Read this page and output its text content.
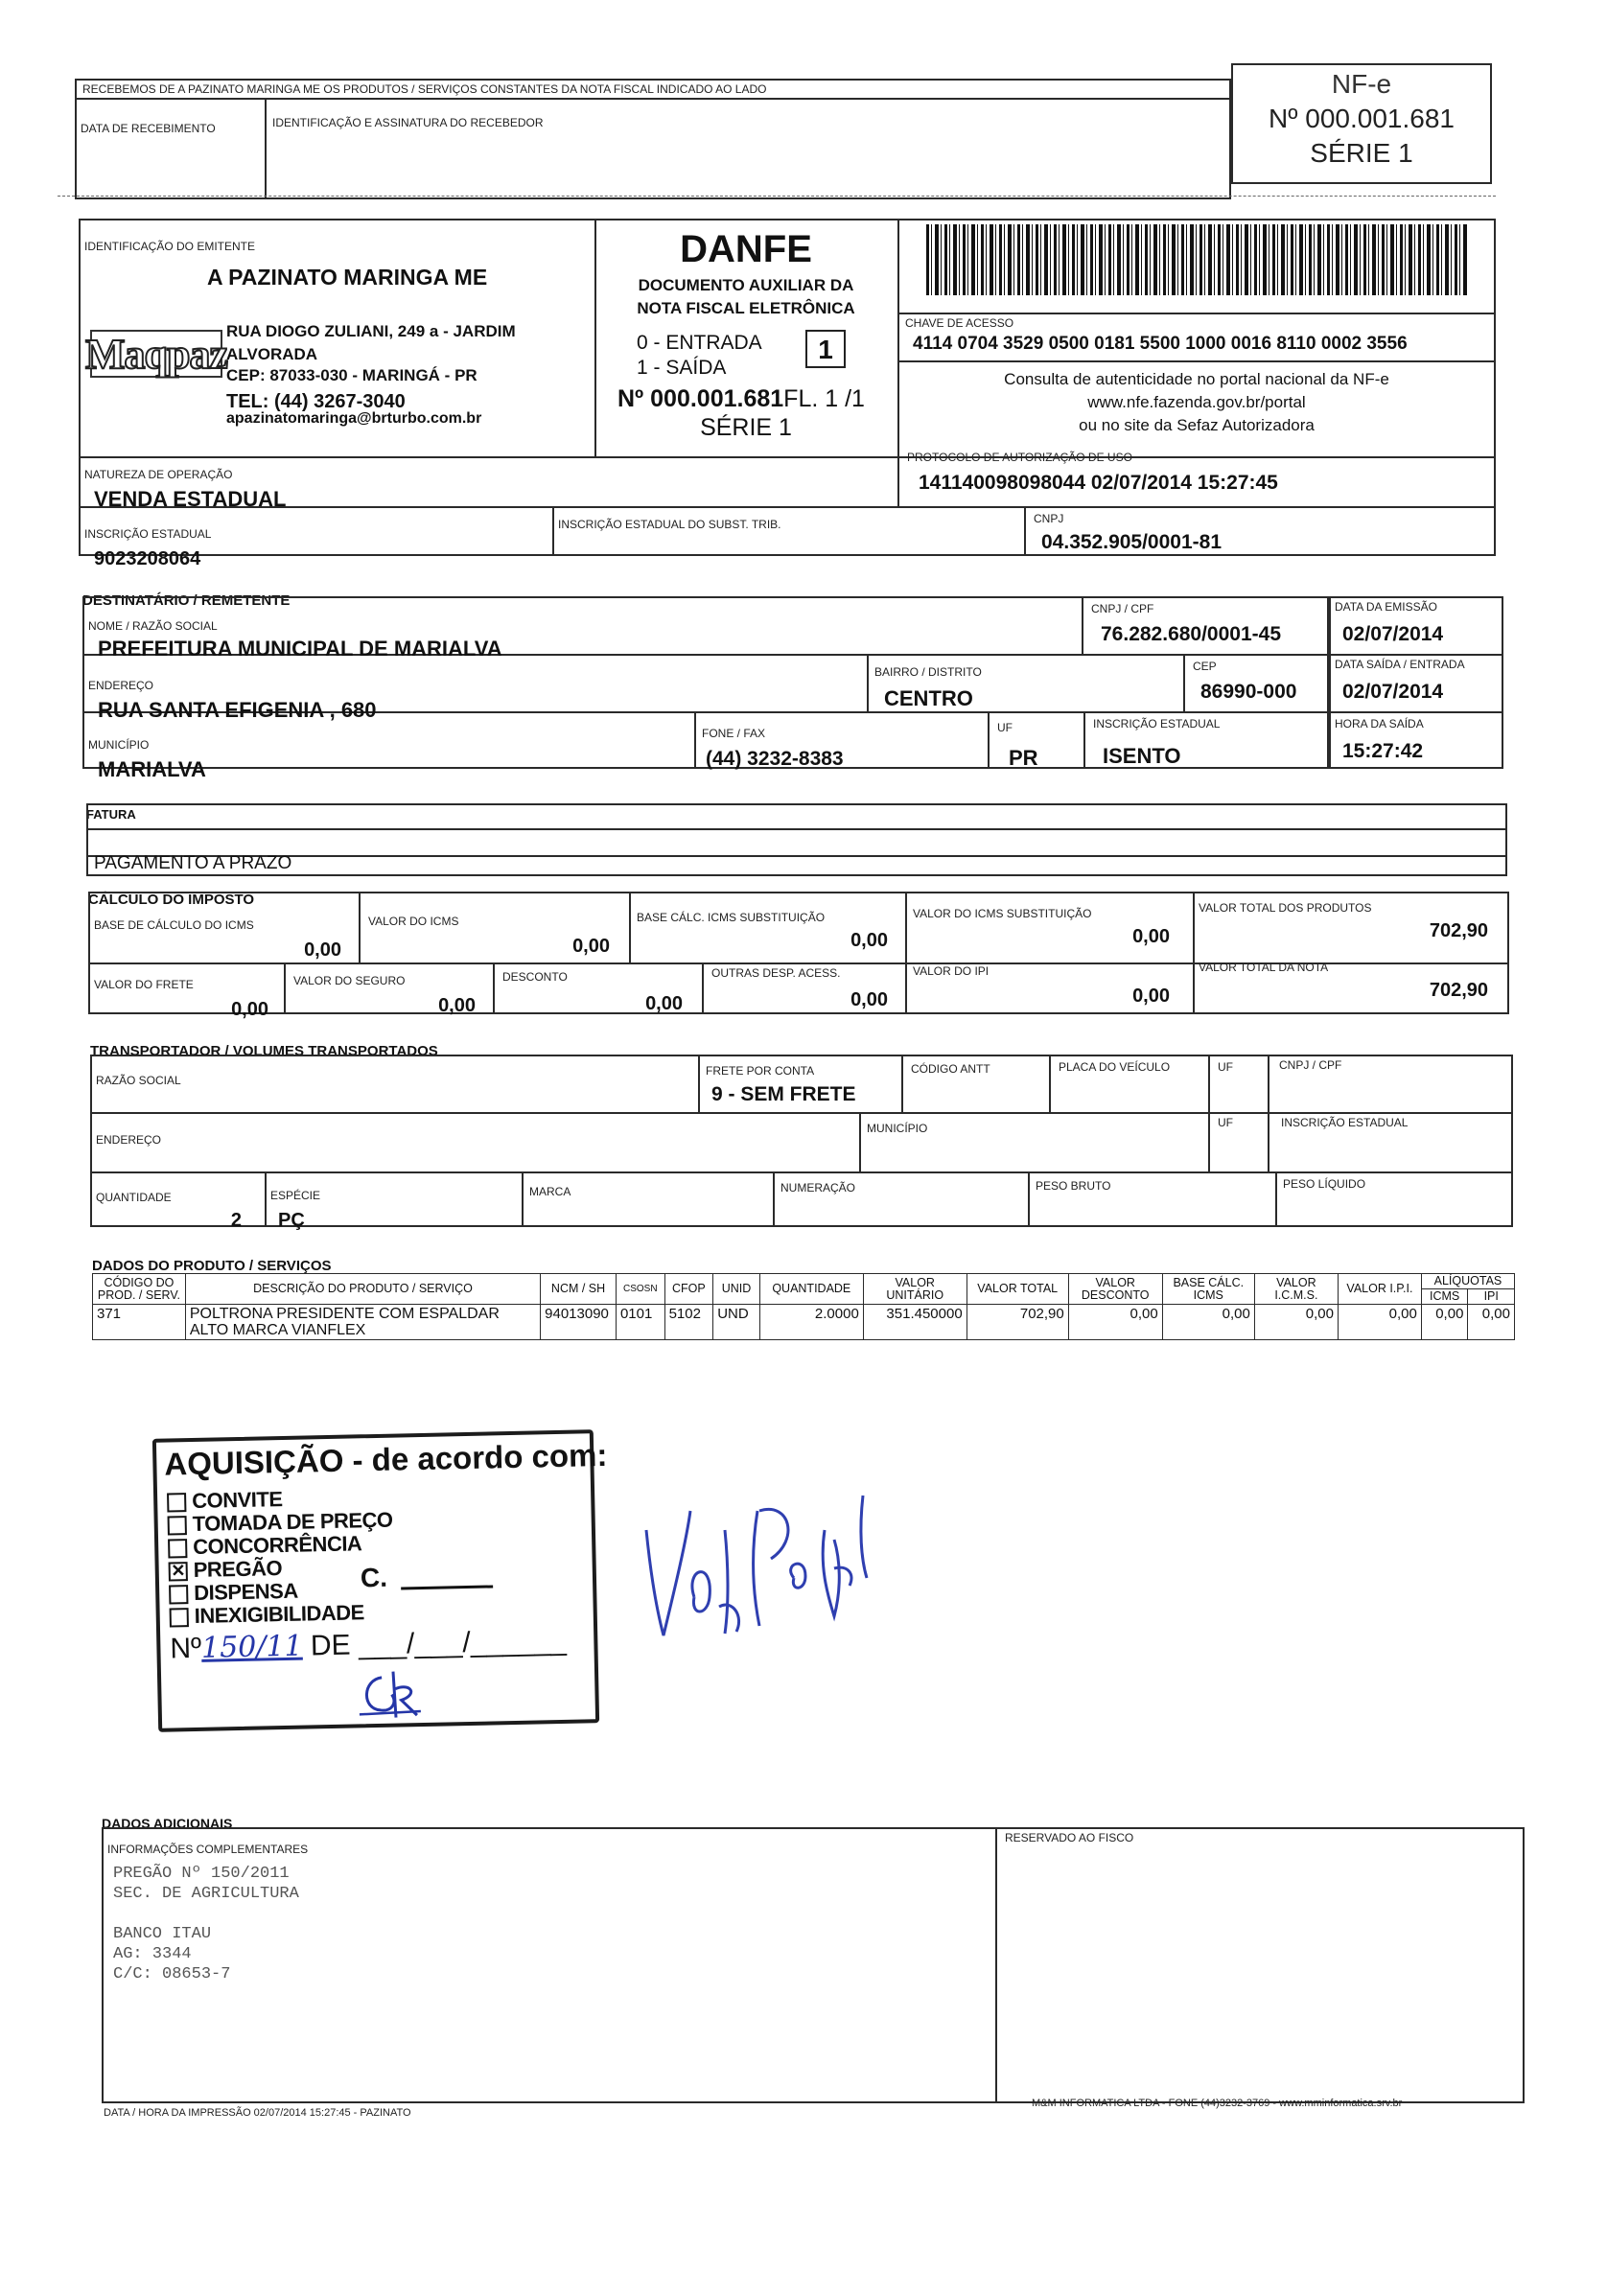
RECEBEMOS DE A PAZINATO MARINGA ME OS PRODUTOS / SERVIÇOS CONSTANTES DA NOTA FISCAL INDICADO AO LADO
DATA DE RECEBIMENTO	IDENTIFICAÇÃO E ASSINATURA DO RECEBEDOR
NF-e
Nº 000.001.681
SÉRIE 1
IDENTIFICAÇÃO DO EMITENTE
A PAZINATO MARINGA ME
Maqpaz RUA DIOGO ZULIANI, 249 a - JARDIM
ALVORADA
CEP: 87033-030 - MARINGÁ - PR
TEL: (44) 3267-3040
apazinatomaringa@brturbo.com.br
DANFE
DOCUMENTO AUXILIAR DA
NOTA FISCAL ELETRÔNICA
0 - ENTRADA
1 - SAÍDA
1
Nº 000.001.681FL. 1 /1
SÉRIE 1
CHAVE DE ACESSO
4114 0704 3529 0500 0181 5500 1000 0016 8110 0002 3556
Consulta de autenticidade no portal nacional da NF-e
www.nfe.fazenda.gov.br/portal
ou no site da Sefaz Autorizadora
NATUREZA DE OPERAÇÃO
VENDA ESTADUAL
PROTOCOLO DE AUTORIZAÇÃO DE USO
141140098098044 02/07/2014 15:27:45
INSCRIÇÃO ESTADUAL
9023208064
INSCRIÇÃO ESTADUAL DO SUBST. TRIB.	CNPJ
04.352.905/0001-81
DESTINATÁRIO / REMETENTE
NOME / RAZÃO SOCIAL
PREFEITURA MUNICIPAL DE MARIALVA
CNPJ / CPF
76.282.680/0001-45
DATA DA EMISSÃO
02/07/2014
ENDEREÇO
RUA SANTA EFIGENIA , 680
BAIRRO / DISTRITO
CENTRO
CEP
86990-000
DATA SAÍDA / ENTRADA
02/07/2014
MUNICÍPIO
MARIALVA
FONE / FAX
(44) 3232-8383
UF
PR
INSCRIÇÃO ESTADUAL
ISENTO
HORA DA SAÍDA
15:27:42
FATURA
PAGAMENTO A PRAZO
CÁLCULO DO IMPOSTO
BASE DE CÁLCULO DO ICMS
0,00
VALOR DO ICMS
0,00
BASE CÁLC. ICMS SUBSTITUIÇÃO
0,00
VALOR DO ICMS SUBSTITUIÇÃO
0,00
VALOR TOTAL DOS PRODUTOS
702,90
VALOR DO FRETE
0,00
VALOR DO SEGURO
0,00
DESCONTO
0,00
OUTRAS DESP. ACESS.
0,00
VALOR DO IPI
0,00
VALOR TOTAL DA NOTA
702,90
TRANSPORTADOR / VOLUMES TRANSPORTADOS
RAZÃO SOCIAL
FRETE POR CONTA
9 - SEM FRETE
CÓDIGO ANTT	PLACA DO VEÍCULO	UF	CNPJ / CPF
ENDEREÇO
MUNICÍPIO	UF	INSCRIÇÃO ESTADUAL
QUANTIDADE
2
ESPÉCIE
PÇ
MARCA	NUMERAÇÃO	PESO BRUTO	PESO LÍQUIDO
DADOS DO PRODUTO / SERVIÇOS
CÓDIGO DO PROD. / SERV.	DESCRIÇÃO DO PRODUTO / SERVIÇO	NCM / SH	CSOSN	CFOP	UNID	QUANTIDADE	VALOR UNITÁRIO	VALOR TOTAL	VALOR DESCONTO	BASE CÁLC. ICMS	VALOR I.C.M.S.	VALOR I.P.I.	ALÍQUOTAS	
													ICMS	IPI
371	POLTRONA PRESIDENTE COM ESPALDAR
ALTO MARCA VIANFLEX	94013090	0101	5102	UND	2.0000	351.450000	702,90	0,00	0,00	0,00	0,00	0,00	0,00
AQUISIÇÃO - de acordo com:
CONVITE
TOMADA DE PREÇO
CONCORRÊNCIA
✕ PREGÃO
DISPENSA
INEXIGIBILIDADE
C.
Nº150/11 DE ___/___/______
DADOS ADICIONAIS
INFORMAÇÕES COMPLEMENTARES
PREGÃO Nº 150/2011
SEC. DE AGRICULTURA
BANCO ITAU
AG: 3344
C/C: 08653-7
RESERVADO AO FISCO
DATA / HORA DA IMPRESSÃO 02/07/2014 15:27:45 - PAZINATO
M&M INFORMATICA LTDA - FONE (44)3232-3769 - www.mminformatica.srv.br
